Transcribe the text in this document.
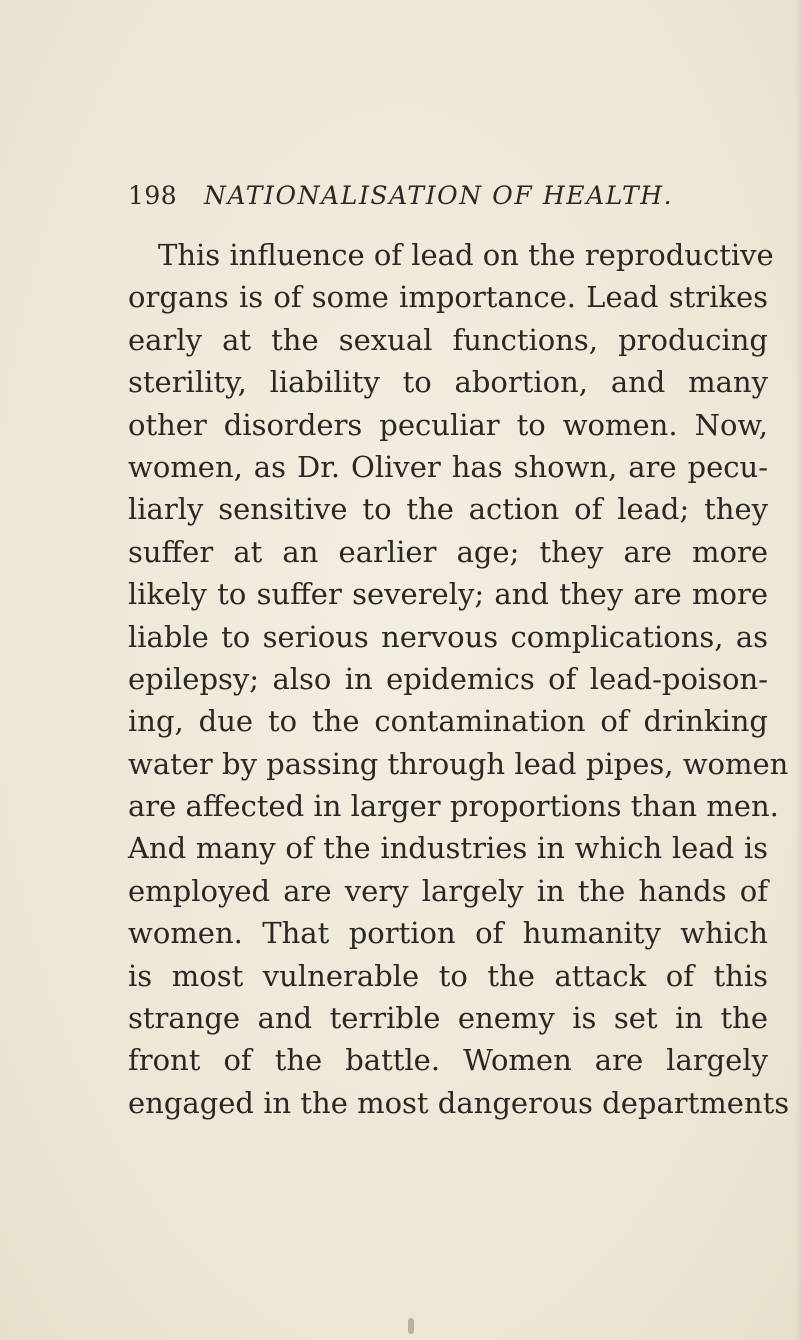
198 NATIONALISATION OF HEALTH.
This influence of lead on the reproductive
organs is of some importance. Lead strikes
early at the sexual functions, producing
sterility, liability to abortion, and many
other disorders peculiar to women. Now,
women, as Dr. Oliver has shown, are pecu-
liarly sensitive to the action of lead; they
suffer at an earlier age; they are more
likely to suffer severely; and they are more
liable to serious nervous complications, as
epilepsy; also in epidemics of lead-poison-
ing, due to the contamination of drinking
water by passing through lead pipes, women
are affected in larger proportions than men.
And many of the industries in which lead is
employed are very largely in the hands of
women. That portion of humanity which
is most vulnerable to the attack of this
strange and terrible enemy is set in the
front of the battle. Women are largely
engaged in the most dangerous departments
